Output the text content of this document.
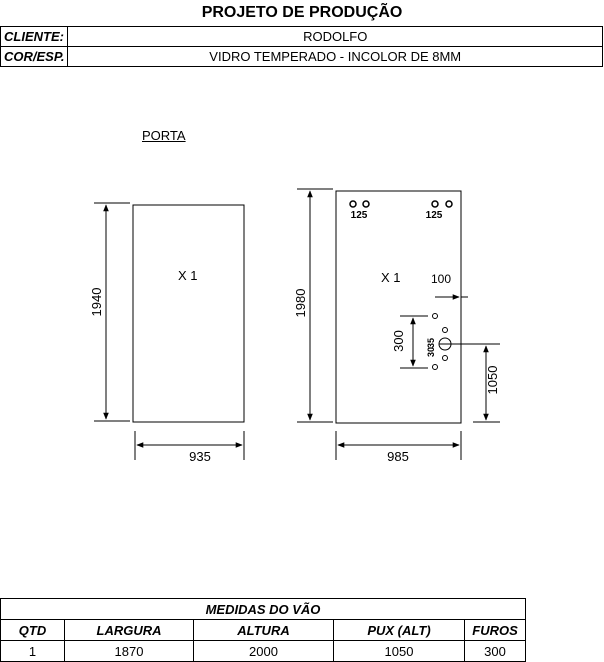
PROJETO DE PRODUÇÃO
CLIENTE:	RODOLFO
COR/ESP.	VIDRO TEMPERADO - INCOLOR DE 8MM
PORTA
X 1
1940
935
X 1
125	125
100
35
30
300
1980
1050
985
MEDIDAS DO VÃO				
QTD	LARGURA	ALTURA	PUX (ALT)	FUROS
1	1870	2000	1050	300
